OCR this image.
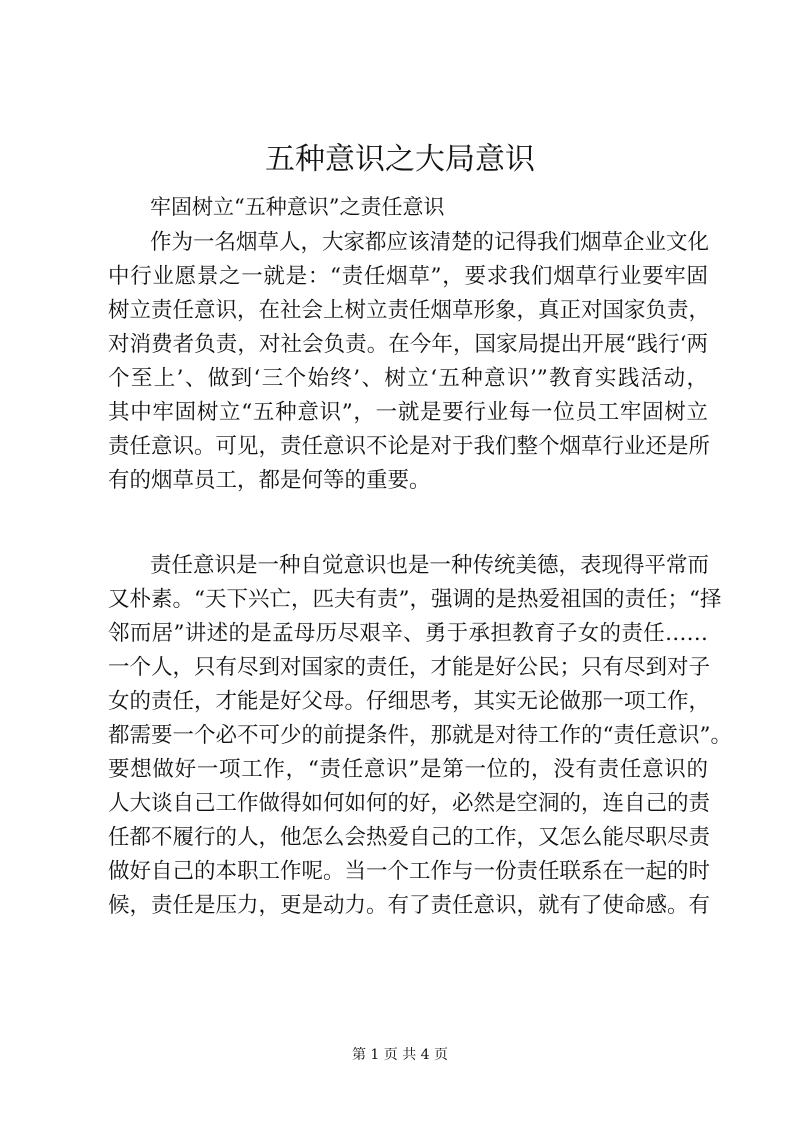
五种意识之大局意识
牢固树立“五种意识”之责任意识
作为一名烟草人，大家都应该清楚的记得我们烟草企业文化
中行业愿景之一就是：“责任烟草”，要求我们烟草行业要牢固
树立责任意识，在社会上树立责任烟草形象，真正对国家负责，
对消费者负责，对社会负责。在今年，国家局提出开展“践行‘两
个至上’、做到‘三个始终’、树立‘五种意识’”教育实践活动，
其中牢固树立“五种意识”，一就是要行业每一位员工牢固树立
责任意识。可见，责任意识不论是对于我们整个烟草行业还是所
有的烟草员工，都是何等的重要。
责任意识是一种自觉意识也是一种传统美德，表现得平常而
又朴素。“天下兴亡，匹夫有责”，强调的是热爱祖国的责任；“择
邻而居”讲述的是孟母历尽艰辛、勇于承担教育子女的责任……
一个人，只有尽到对国家的责任，才能是好公民；只有尽到对子
女的责任，才能是好父母。仔细思考，其实无论做那一项工作，
都需要一个必不可少的前提条件，那就是对待工作的“责任意识”。
要想做好一项工作，“责任意识”是第一位的，没有责任意识的
人大谈自己工作做得如何如何的好，必然是空洞的，连自己的责
任都不履行的人，他怎么会热爱自己的工作，又怎么能尽职尽责
做好自己的本职工作呢。当一个工作与一份责任联系在一起的时
候，责任是压力，更是动力。有了责任意识，就有了使命感。有
第 1 页 共 4 页
